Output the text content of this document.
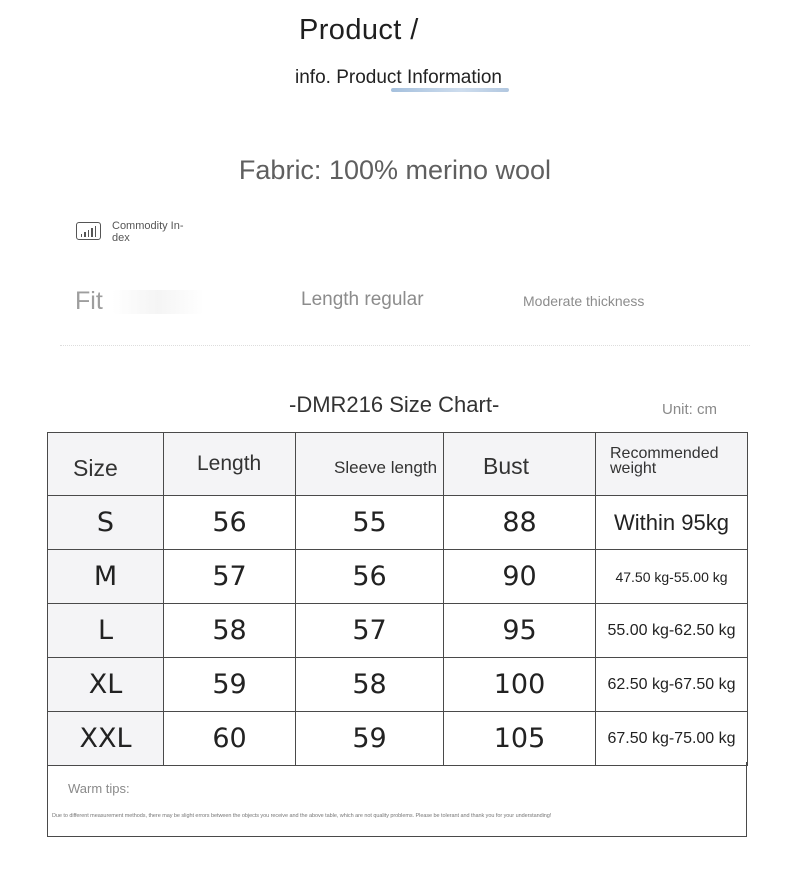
Product /
info. Product Information
Fabric: 100% merino wool
Commodity In-dex
Fit	Length regular	Moderate thickness
-DMR216 Size Chart-	Unit: cm
Size	Length	Sleeve length	Bust	Recommended weight
S	56	55	88	Within 95kg
M	57	56	90	47.50 kg-55.00 kg
L	58	57	95	55.00 kg-62.50 kg
XL	59	58	100	62.50 kg-67.50 kg
XXL	60	59	105	67.50 kg-75.00 kg
Warm tips:
Due to different measurement methods, there may be slight errors between the objects you receive and the above table, which are not quality problems. Please be tolerant and thank you for your understanding!
